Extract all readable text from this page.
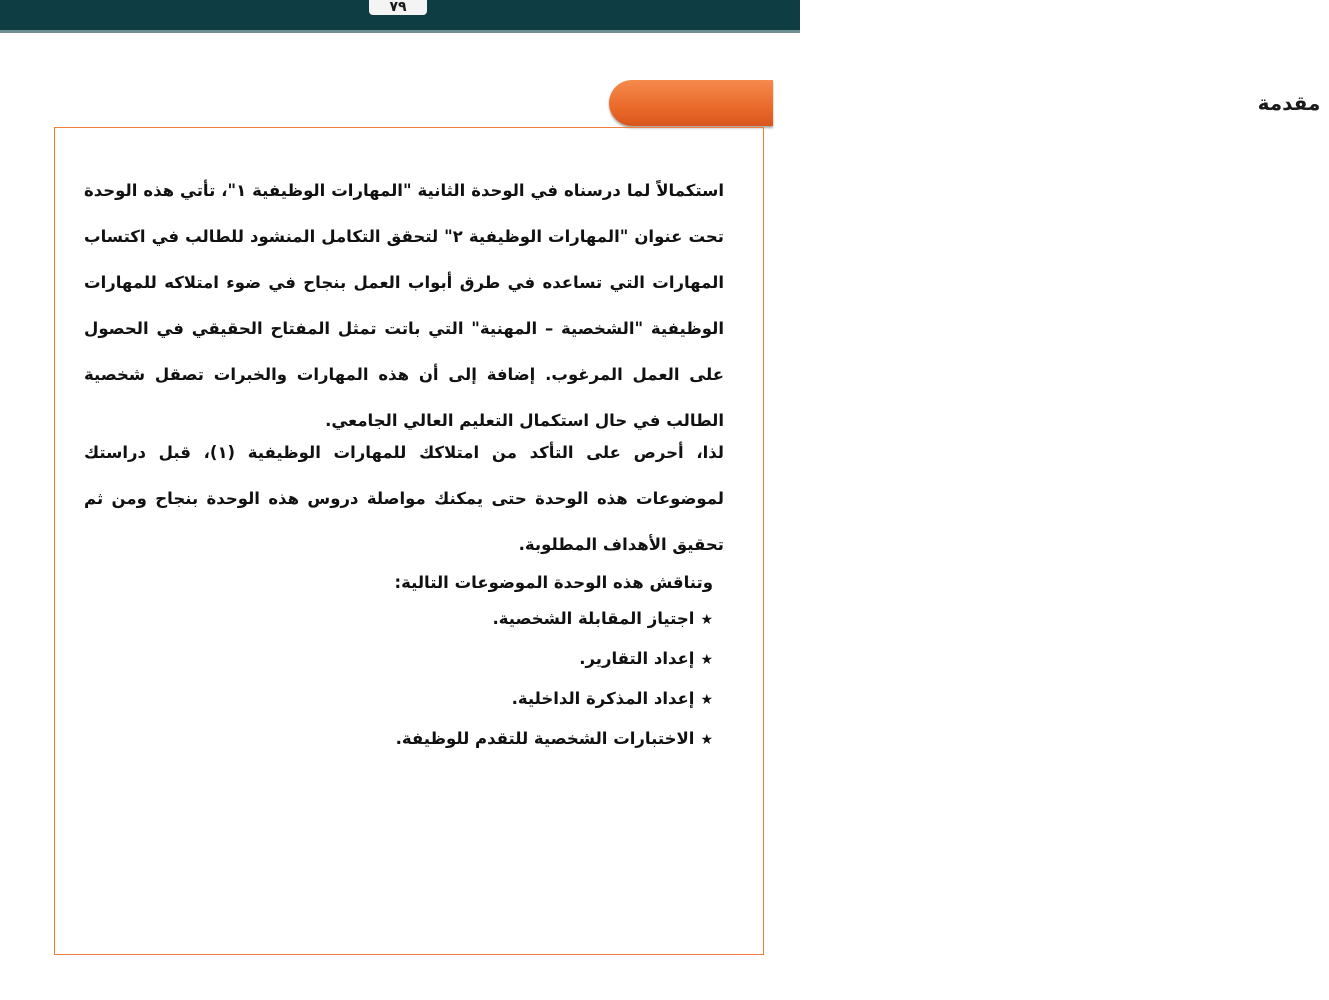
٧٩
مقدمة

استكمالاً لما درسناه في الوحدة الثانية "المهارات الوظيفية ١"، تأتي هذه الوحدة تحت عنوان "المهارات الوظيفية ٢" لتحقق التكامل المنشود للطالب في اكتساب المهارات التي تساعده في طرق أبواب العمل بنجاح في ضوء امتلاكه للمهارات الوظيفية "الشخصية – المهنية" التي باتت تمثل المفتاح الحقيقي في الحصول على العمل المرغوب. إضافة إلى أن هذه المهارات والخبرات تصقل شخصية الطالب في حال استكمال التعليم العالي الجامعي.

لذا، أحرص على التأكد من امتلاكك للمهارات الوظيفية (١)، قبل دراستك لموضوعات هذه الوحدة حتى يمكنك مواصلة دروس هذه الوحدة بنجاح ومن ثم تحقيق الأهداف المطلوبة.

وتناقش هذه الوحدة الموضوعات التالية:
★اجتياز المقابلة الشخصية.
★إعداد التقارير.
★إعداد المذكرة الداخلية.
★الاختبارات الشخصية للتقدم للوظيفة.
